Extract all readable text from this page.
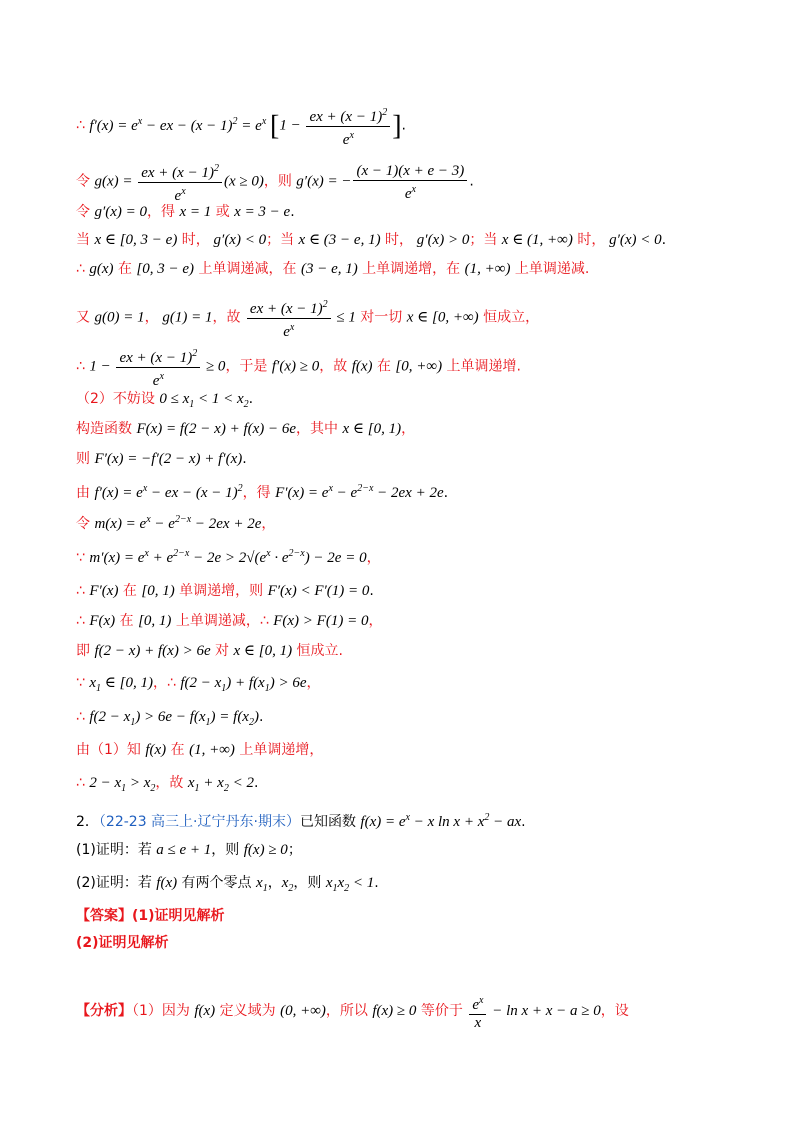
∴ $f'(x) = e^x$ − ex − $(x - 1)^2 = e^x$ [$1 - \frac{ex + (x - 1)^2}{e^x}$ ].
令 $g(x) = \frac{ex + (x - 1)^2}{e^x} (x \ge 0)$，则 g′(x) = − $\frac{(x - 1)(x + e - 3)}{e^x}$ .
令 g′(x) = 0，得 x = 1 或 x = 3 − e.
当 x ∈ [0, 3 − e) 时， g′(x) < 0；当 x ∈ (3 − e, 1) 时， g′(x) > 0；当 x ∈ (1, +∞) 时， g′(x) < 0.
∴ g(x) 在 [0, 3 − e) 上单调递减，在 (3 − e, 1) 上单调递增，在 (1, +∞) 上单调递减.
又 g(0) = 1， g(1) = 1，故 $\frac{ex + (x - 1)^2}{e^x} \le 1$ 对一切 x ∈ [0, +∞) 恒成立，
∴ $1 - \frac{ex + (x - 1)^2}{e^x} \ge 0$，于是 f′(x) ≥ 0，故 f(x) 在 [0, +∞) 上单调递增.
（2）不妨设 $0 \le x_1 < 1 < x_2$.
构造函数 F(x) = f(2 − x) + f(x) − 6e，其中 x ∈ [0, 1)，
则 F′(x) = −f′(2 − x) + f′(x).
由 $f'(x) = e^x$ − ex − $(x - 1)^2$，得 $F'(x) = e^x - e^{2-x} - 2ex + 2e$.
令 $m(x) = e^x - e^{2-x} - 2ex + 2e$，
∵ $m'(x) = e^x + e^{2-x} - 2e > 2√(e^x \cdot e^{2-x}) - 2e = 0$，
∴ F′(x) 在 [0, 1) 单调递增，则 F′(x) < F′(1) = 0.
∴ F(x) 在 [0, 1) 上单调递减，∴ F(x) > F(1) = 0，
即 f(2 − x) + f(x) > 6e 对 x ∈ [0, 1) 恒成立.
∵ $x_1$ ∈ [0, 1)，∴ $f(2 - x_1) + f(x_1) > 6e$，
∴ $f(2 - x_1) > 6e - f(x_1) = f(x_2)$.
由（1）知 f(x) 在 (1, +∞) 上单调递增，
∴ $2 - x_1 > x_2$，故 $x_1 + x_2 < 2$.
2．（22-23 高三上·辽宁丹东·期末）已知函数 $f(x) = e^x - x$ $\ln x + x^2$ − ax.
(1)证明：若 a ≤ e + 1，则 f(x) ≥ 0；
(2)证明：若 f(x) 有两个零点 $x_1$，$x_2$，则 $x_1x_2 < 1$.
【答案】(1)证明见解析
(2)证明见解析
【分析】（1）因为 f(x) 定义域为 (0, +∞)，所以 f(x) ≥ 0 等价于 $\frac{e^x}{x} - \ln x + x - a \ge 0$，设
